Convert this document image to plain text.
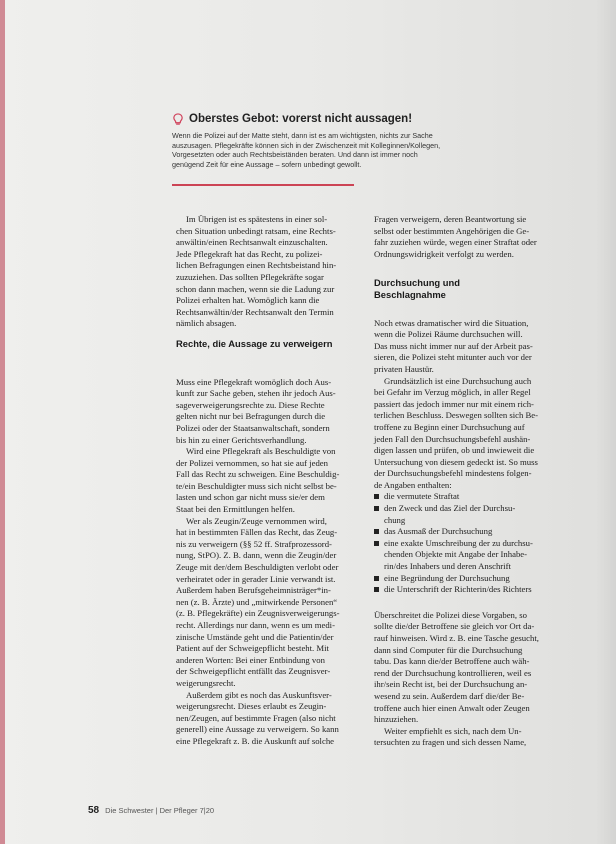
Oberstes Gebot: vorerst nicht aussagen!

Wenn die Polizei auf der Matte steht, dann ist es am wichtigsten, nichts zur Sache

auszusagen. Pflegekräfte können sich in der Zwischenzeit mit Kolleginnen/Kollegen,

Vorgesetzten oder auch Rechtsbeiständen beraten. Und dann ist immer noch

genügend Zeit für eine Aussage – sofern unbedingt gewollt.

Im Übrigen ist es spätestens in einer sol-

chen Situation unbedingt ratsam, eine Rechts-

anwältin/einen Rechtsanwalt einzuschalten.

Jede Pflegekraft hat das Recht, zu polizei-

lichen Befragungen einen Rechtsbeistand hin-

zuzuziehen. Das sollten Pflegekräfte sogar

schon dann machen, wenn sie die Ladung zur

Polizei erhalten hat. Womöglich kann die

Rechtsanwältin/der Rechtsanwalt den Termin

nämlich absagen.

Rechte, die Aussage zu verweigern

Muss eine Pflegekraft womöglich doch Aus-

kunft zur Sache geben, stehen ihr jedoch Aus-

sageverweigerungsrechte zu. Diese Rechte

gelten nicht nur bei Befragungen durch die

Polizei oder der Staatsanwaltschaft, sondern

bis hin zu einer Gerichtsverhandlung.

Wird eine Pflegekraft als Beschuldigte von

der Polizei vernommen, so hat sie auf jeden

Fall das Recht zu schweigen. Eine Beschuldig-

te/ein Beschuldigter muss sich nicht selbst be-

lasten und schon gar nicht muss sie/er dem

Staat bei den Ermittlungen helfen.

Wer als Zeugin/Zeuge vernommen wird,

hat in bestimmten Fällen das Recht, das Zeug-

nis zu verweigern (§§ 52 ff. Strafprozessord-

nung, StPO). Z. B. dann, wenn die Zeugin/der

Zeuge mit der/dem Beschuldigten verlobt oder

verheiratet oder in gerader Linie verwandt ist.

Außerdem haben Berufsgeheimnisträger*in-

nen (z. B. Ärzte) und „mitwirkende Personen“

(z. B. Pflegekräfte) ein Zeugnisverweigerungs-

recht. Allerdings nur dann, wenn es um medi-

zinische Umstände geht und die Patientin/der

Patient auf der Schweigepflicht besteht. Mit

anderen Worten: Bei einer Entbindung von

der Schweigepflicht entfällt das Zeugnisver-

weigerungsrecht.

Außerdem gibt es noch das Auskunftsver-

weigerungsrecht. Dieses erlaubt es Zeugin-

nen/Zeugen, auf bestimmte Fragen (also nicht

generell) eine Aussage zu verweigern. So kann

eine Pflegekraft z. B. die Auskunft auf solche

Fragen verweigern, deren Beantwortung sie

selbst oder bestimmten Angehörigen die Ge-

fahr zuziehen würde, wegen einer Straftat oder

Ordnungswidrigkeit verfolgt zu werden.

Durchsuchung und
Beschlagnahme

Noch etwas dramatischer wird die Situation,

wenn die Polizei Räume durchsuchen will.

Das muss nicht immer nur auf der Arbeit pas-

sieren, die Polizei steht mitunter auch vor der

privaten Haustür.

Grundsätzlich ist eine Durchsuchung auch

bei Gefahr im Verzug möglich, in aller Regel

passiert das jedoch immer nur mit einem rich-

terlichen Beschluss. Deswegen sollten sich Be-

troffene zu Beginn einer Durchsuchung auf

jeden Fall den Durchsuchungsbefehl aushän-

digen lassen und prüfen, ob und inwieweit die

Untersuchung von diesem gedeckt ist. So muss

der Durchsuchungsbefehl mindestens folgen-

de Angaben enthalten:

die vermutete Straftat

den Zweck und das Ziel der Durchsu-

chung

das Ausmaß der Durchsuchung

eine exakte Umschreibung der zu durchsu-

chenden Objekte mit Angabe der Inhabe-

rin/des Inhabers und deren Anschrift

eine Begründung der Durchsuchung

die Unterschrift der Richterin/des Richters

Überschreitet die Polizei diese Vorgaben, so

sollte die/der Betroffene sie gleich vor Ort da-

rauf hinweisen. Wird z. B. eine Tasche gesucht,

dann sind Computer für die Durchsuchung

tabu. Das kann die/der Betroffene auch wäh-

rend der Durchsuchung kontrollieren, weil es

ihr/sein Recht ist, bei der Durchsuchung an-

wesend zu sein. Außerdem darf die/der Be-

troffene auch hier einen Anwalt oder Zeugen

hinzuziehen.

Weiter empfiehlt es sich, nach dem Un-

tersuchten zu fragen und sich dessen Name,

58 Die Schwester | Der Pfleger 7|20
